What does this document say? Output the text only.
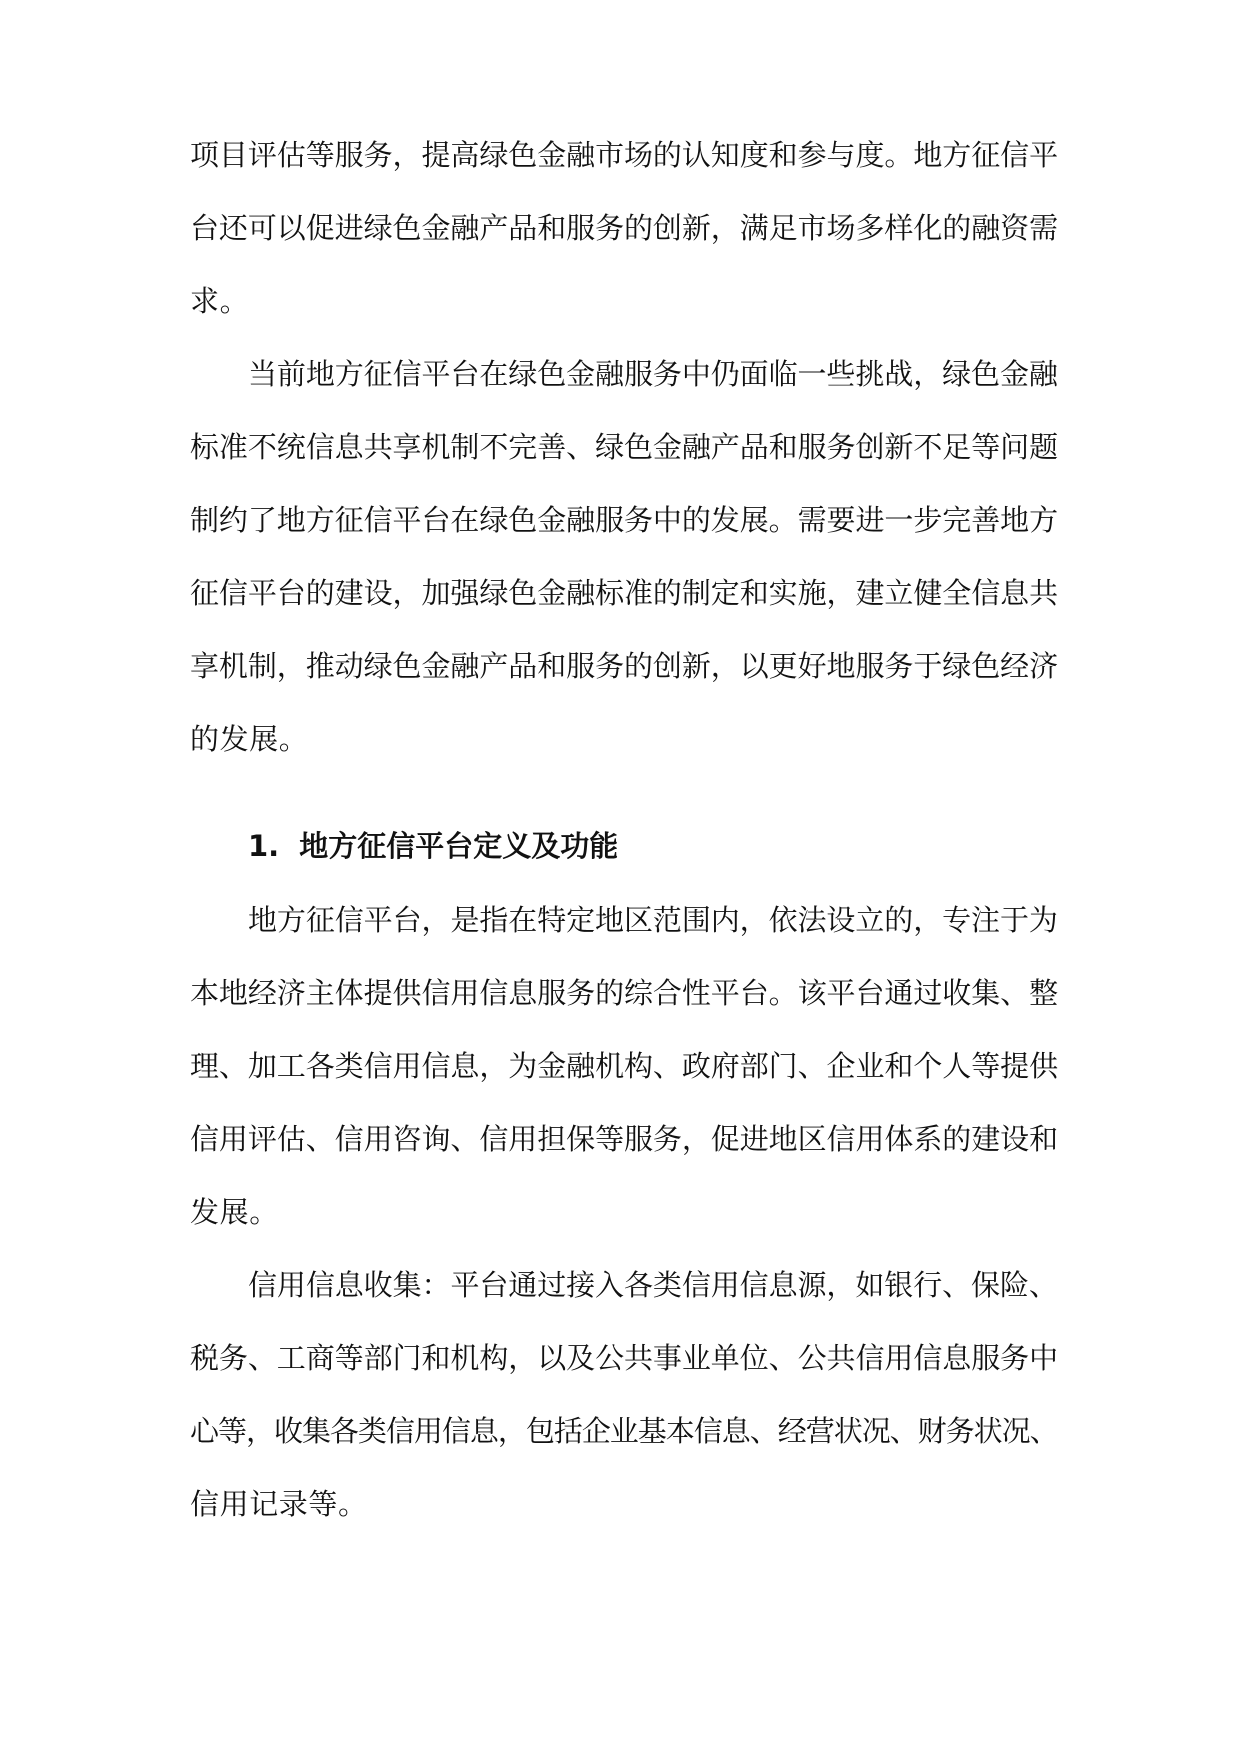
项目评估等服务，提高绿色金融市场的认知度和参与度。地方征信平
台还可以促进绿色金融产品和服务的创新，满足市场多样化的融资需
求。
当前地方征信平台在绿色金融服务中仍面临一些挑战，绿色金融
标准不统信息共享机制不完善、绿色金融产品和服务创新不足等问题
制约了地方征信平台在绿色金融服务中的发展。需要进一步完善地方
征信平台的建设，加强绿色金融标准的制定和实施，建立健全信息共
享机制，推动绿色金融产品和服务的创新，以更好地服务于绿色经济
的发展。
1. 地方征信平台定义及功能
地方征信平台，是指在特定地区范围内，依法设立的，专注于为
本地经济主体提供信用信息服务的综合性平台。该平台通过收集、整
理、加工各类信用信息，为金融机构、政府部门、企业和个人等提供
信用评估、信用咨询、信用担保等服务，促进地区信用体系的建设和
发展。
信用信息收集：平台通过接入各类信用信息源，如银行、保险、
税务、工商等部门和机构，以及公共事业单位、公共信用信息服务中
心等，收集各类信用信息，包括企业基本信息、经营状况、财务状况、
信用记录等。
